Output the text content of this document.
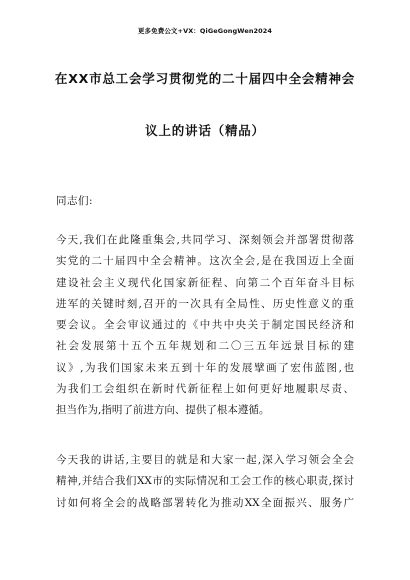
更多免费公文+VX：QiGeGongWen2024
在XX市总工会学习贯彻党的二十届四中全会精神会
议上的讲话（精品）
同志们:
今天,我们在此隆重集会,共同学习、深刻领会并部署贯彻落
实党的二十届四中全会精神。这次全会,是在我国迈上全面
建设社会主义现代化国家新征程、向第二个百年奋斗目标
进军的关键时刻,召开的一次具有全局性、历史性意义的重
要会议。全会审议通过的《中共中央关于制定国民经济和
社会发展第十五个五年规划和二〇三五年远景目标的建
议》,为我们国家未来五到十年的发展擘画了宏伟蓝图,也
为我们工会组织在新时代新征程上如何更好地履职尽责、
担当作为,指明了前进方向、提供了根本遵循。
今天我的讲话,主要目的就是和大家一起,深入学习领会全会
精神,并结合我们XX市的实际情况和工会工作的核心职责,探讨
讨如何将全会的战略部署转化为推动XX全面振兴、服务广
